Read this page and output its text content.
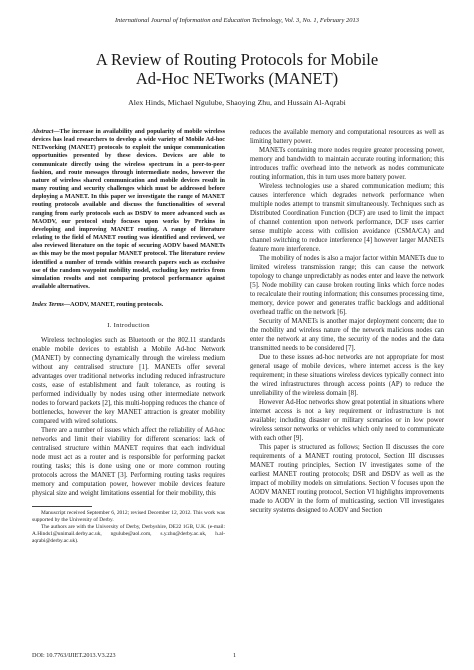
International Journal of Information and Education Technology, Vol. 3, No. 1, February 2013
A Review of Routing Protocols for Mobile
Ad-Hoc NETworks (MANET)
Alex Hinds, Michael Ngulube, Shaoying Zhu, and Hussain Al-Aqrabi

Abstract—The increase in availability and popularity of mobile wireless devices has lead researchers to develop a wide variety of Mobile Ad-hoc NETworking (MANET) protocols to exploit the unique communication opportunities presented by these devices. Devices are able to communicate directly using the wireless spectrum in a peer-to-peer fashion, and route messages through intermediate nodes, however the nature of wireless shared communication and mobile devices result in many routing and security challenges which must be addressed before deploying a MANET. In this paper we investigate the range of MANET routing protocols available and discuss the functionalities of several ranging from early protocols such as DSDV to more advanced such as MAODV, our protocol study focuses upon works by Perkins in developing and improving MANET routing. A range of literature relating to the field of MANET routing was identified and reviewed, we also reviewed literature on the topic of securing AODV based MANETs as this may be the most popular MANET protocol. The literature review identified a number of trends within research papers such as exclusive use of the random waypoint mobility model, excluding key metrics from simulation results and not comparing protocol performance against available alternatives.

Index Terms—AODV, MANET, routing protocols.

I. Introduction

Wireless technologies such as Bluetooth or the 802.11 standards enable mobile devices to establish a Mobile Ad-hoc Network (MANET) by connecting dynamically through the wireless medium without any centralised structure [1]. MANETs offer several advantages over traditional networks including reduced infrastructure costs, ease of establishment and fault tolerance, as routing is performed individually by nodes using other intermediate network nodes to forward packets [2], this multi-hopping reduces the chance of bottlenecks, however the key MANET attraction is greater mobility compared with wired solutions.

There are a number of issues which affect the reliability of Ad-hoc networks and limit their viability for different scenarios: lack of centralised structure within MANET requires that each individual node must act as a router and is responsible for performing packet routing tasks; this is done using one or more common routing protocols across the MANET [3]. Performing routing tasks requires memory and computation power, however mobile devices feature physical size and weight limitations essential for their mobility, this

Manuscript received September 6, 2012; revised December 12, 2012. This work was supported by the University of Derby.

The authors are with the University of Derby, Derbyshire, DE22 1GB, U.K. (e-mail: A.Hinds1@unimail.derby.ac.uk, ngulube@aol.com, s.y.zhu@derby.ac.uk, h.al-aqrabi@derby.ac.uk).

reduces the available memory and computational resources as well as limiting battery power.

MANETs containing more nodes require greater processing power, memory and bandwidth to maintain accurate routing information; this introduces traffic overhead into the network as nodes communicate routing information, this in turn uses more battery power.

Wireless technologies use a shared communication medium; this causes interference which degrades network performance when multiple nodes attempt to transmit simultaneously. Techniques such as Distributed Coordination Function (DCF) are used to limit the impact of channel contention upon network performance, DCF uses carrier sense multiple access with collision avoidance (CSMA/CA) and channel switching to reduce interference [4] however larger MANETs feature more interference.

The mobility of nodes is also a major factor within MANETs due to limited wireless transmission range; this can cause the network topology to change unpredictably as nodes enter and leave the network [5]. Node mobility can cause broken routing links which force nodes to recalculate their routing information; this consumes processing time, memory, device power and generates traffic backlogs and additional overhead traffic on the network [6].

Security of MANETs is another major deployment concern; due to the mobility and wireless nature of the network malicious nodes can enter the network at any time, the security of the nodes and the data transmitted needs to be considered [7].

Due to these issues ad-hoc networks are not appropriate for most general usage of mobile devices, where internet access is the key requirement; in these situations wireless devices typically connect into the wired infrastructures through access points (AP) to reduce the unreliability of the wireless domain [8].

However Ad-Hoc networks show great potential in situations where internet access is not a key requirement or infrastructure is not available; including disaster or military scenarios or in low power wireless sensor networks or vehicles which only need to communicate with each other [9].

This paper is structured as follows; Section II discusses the core requirements of a MANET routing protocol, Section III discusses MANET routing principles, Section IV investigates some of the earliest MANET routing protocols; DSR and DSDV as well as the impact of mobility models on simulations. Section V focuses upon the AODV MANET routing protocol, Section VI highlights improvements made to AODV in the form of multicasting, section VII investigates security systems designed to AODV and Section

DOI: 10.7763/IJIET.2013.V3.223	1
